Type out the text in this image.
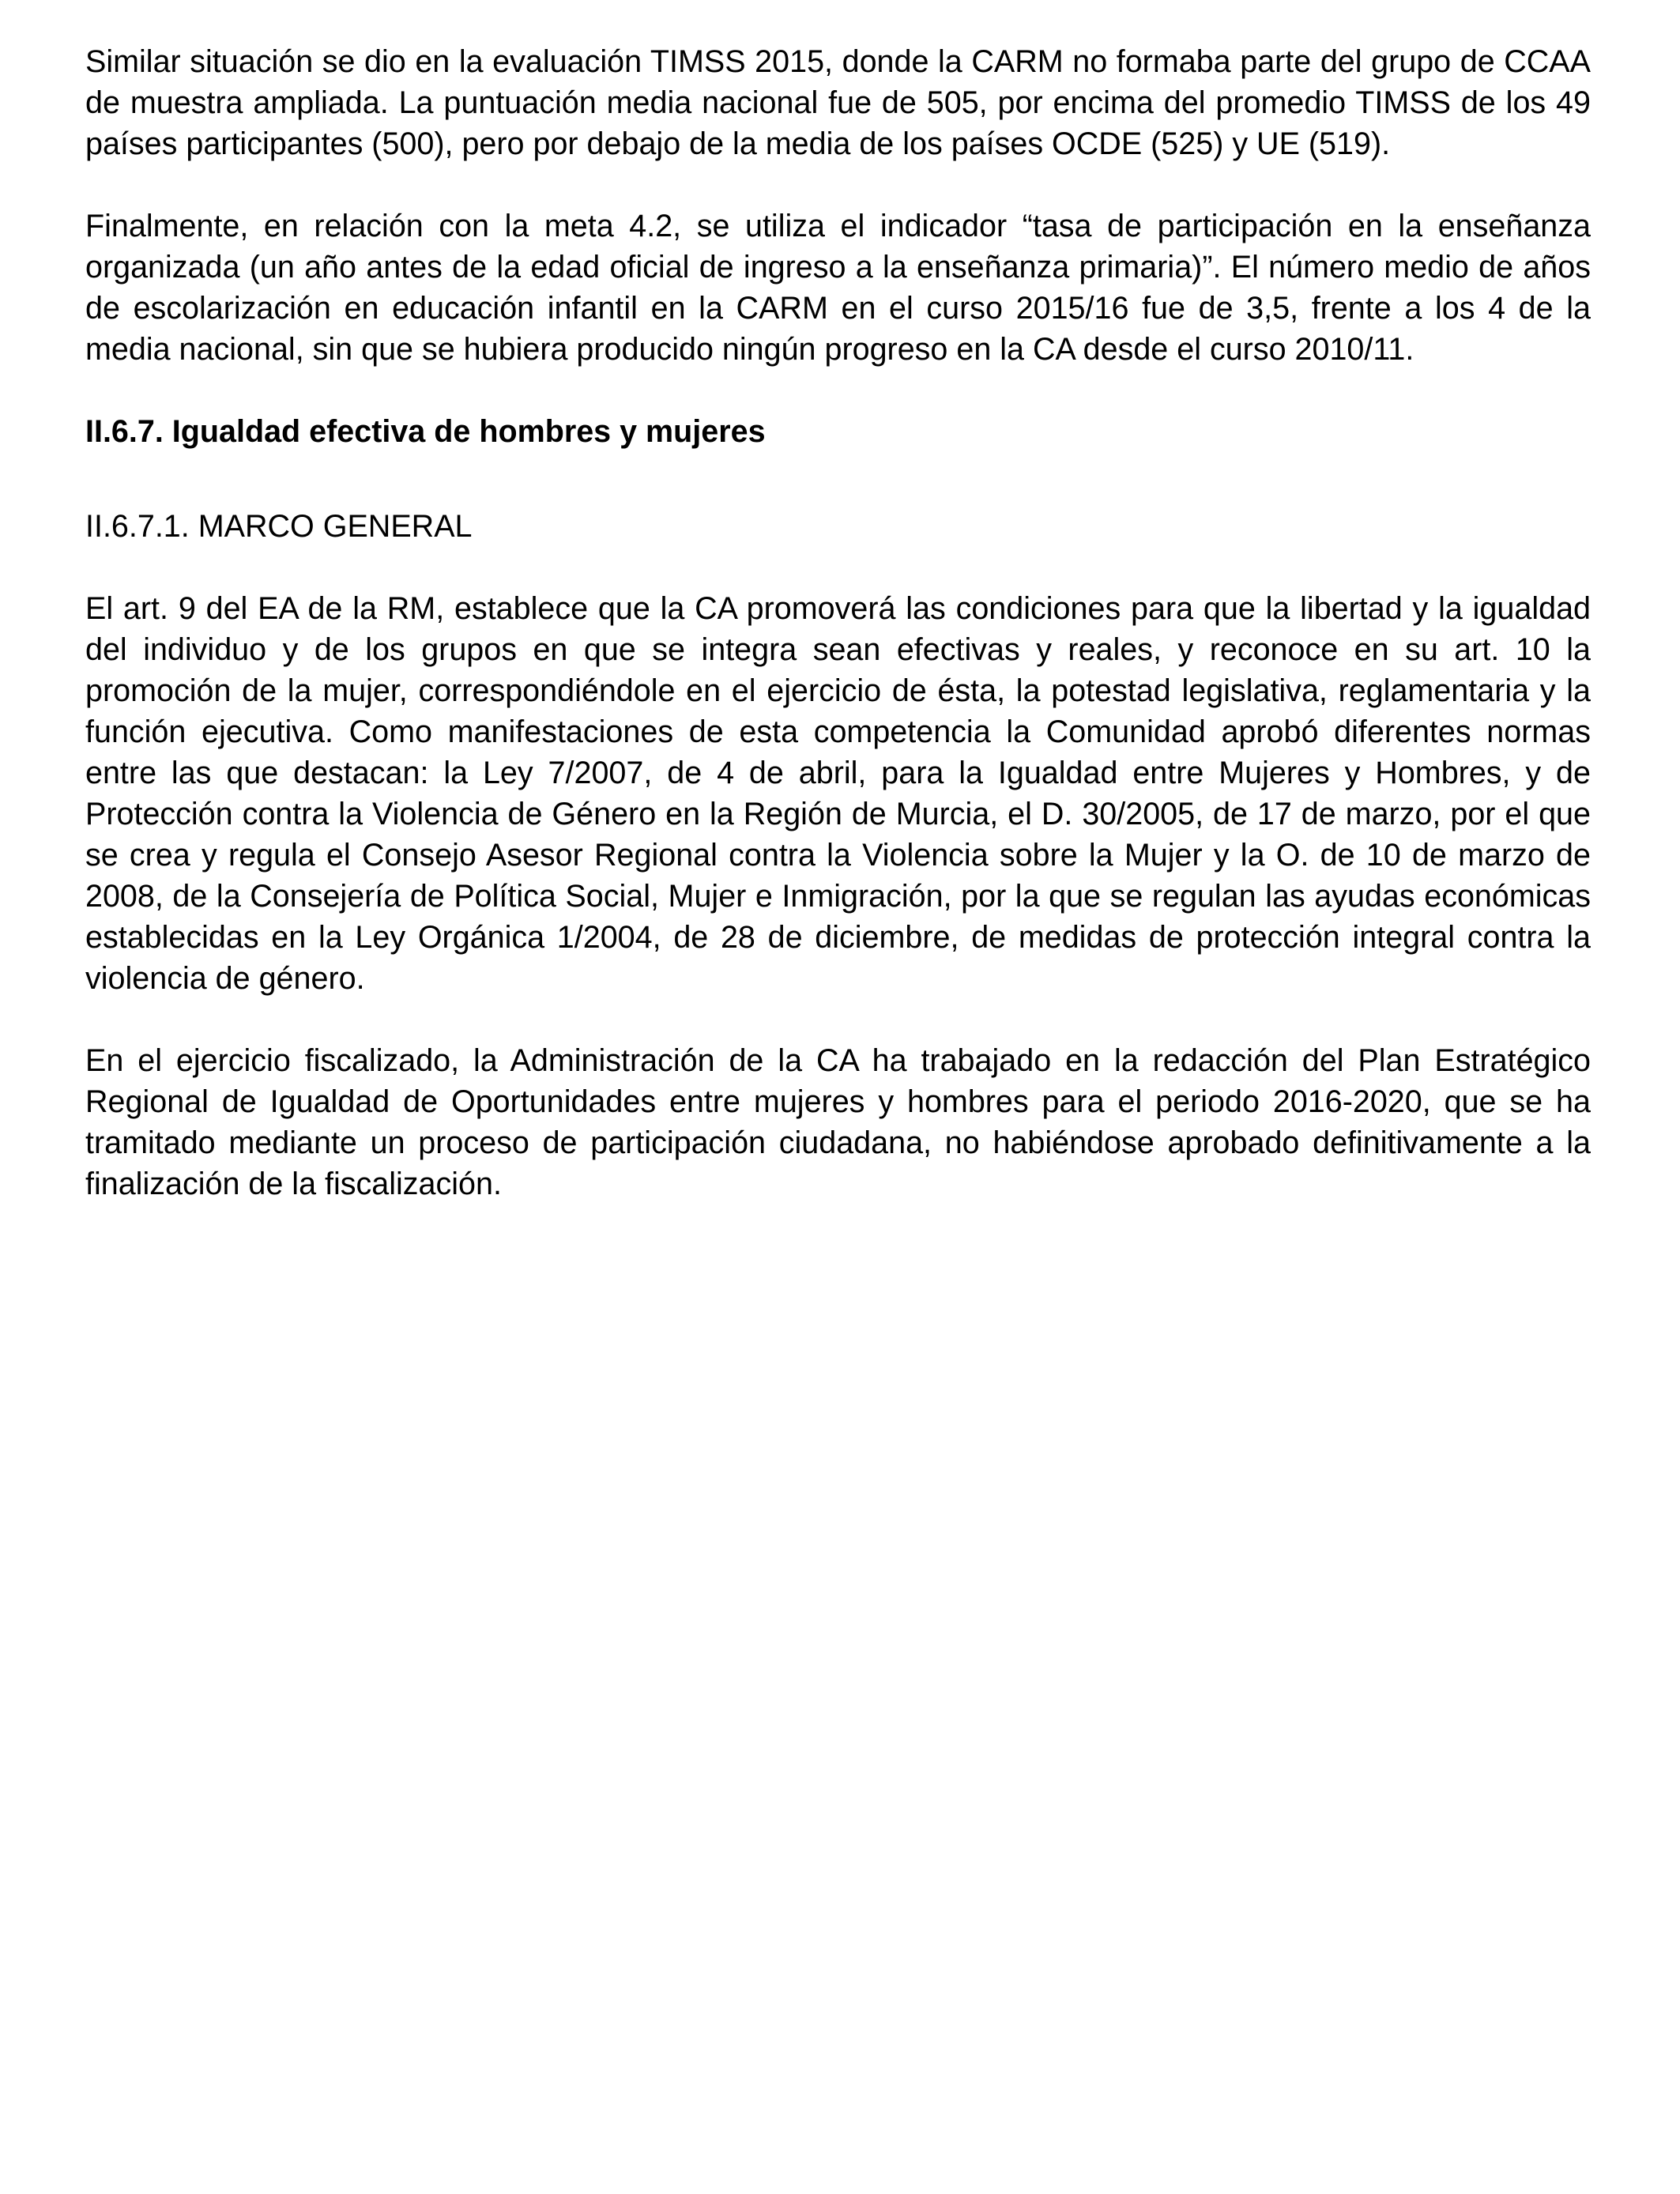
Similar situación se dio en la evaluación TIMSS 2015, donde la CARM no formaba parte del grupo de CCAA de muestra ampliada. La puntuación media nacional fue de 505, por encima del promedio TIMSS de los 49 países participantes (500), pero por debajo de la media de los países OCDE (525) y UE (519).

Finalmente, en relación con la meta 4.2, se utiliza el indicador “tasa de participación en la enseñanza organizada (un año antes de la edad oficial de ingreso a la enseñanza primaria)”. El número medio de años de escolarización en educación infantil en la CARM en el curso 2015/16 fue de 3,5, frente a los 4 de la media nacional, sin que se hubiera producido ningún progreso en la CA desde el curso 2010/11.

II.6.7. Igualdad efectiva de hombres y mujeres
II.6.7.1. MARCO GENERAL

El art. 9 del EA de la RM, establece que la CA promoverá las condiciones para que la libertad y la igualdad del individuo y de los grupos en que se integra sean efectivas y reales, y reconoce en su art. 10 la promoción de la mujer, correspondiéndole en el ejercicio de ésta, la potestad legislativa, reglamentaria y la función ejecutiva. Como manifestaciones de esta competencia la Comunidad aprobó diferentes normas entre las que destacan: la Ley 7/2007, de 4 de abril, para la Igualdad entre Mujeres y Hombres, y de Protección contra la Violencia de Género en la Región de Murcia, el D. 30/2005, de 17 de marzo, por el que se crea y regula el Consejo Asesor Regional contra la Violencia sobre la Mujer y la O. de 10 de marzo de 2008, de la Consejería de Política Social, Mujer e Inmigración, por la que se regulan las ayudas económicas establecidas en la Ley Orgánica 1/2004, de 28 de diciembre, de medidas de protección integral contra la violencia de género.

En el ejercicio fiscalizado, la Administración de la CA ha trabajado en la redacción del Plan Estratégico Regional de Igualdad de Oportunidades entre mujeres y hombres para el periodo 2016-2020, que se ha tramitado mediante un proceso de participación ciudadana, no habiéndose aprobado definitivamente a la finalización de la fiscalización.
